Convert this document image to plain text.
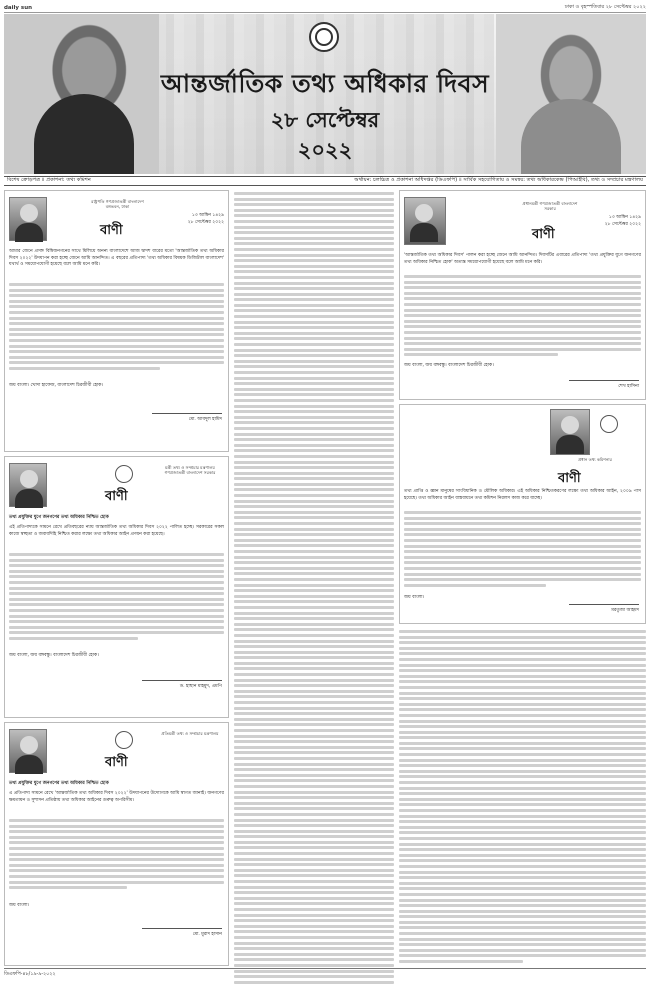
daily sun	ঢাকা ও বৃহস্পতিবার ২৮ সেপ্টেম্বর ২০২২
আন্তর্জাতিক তথ্য অধিকার দিবস
২৮ সেপ্টেম্বর
২০২২
বিশেষ ক্রোড়পত্র ॥ প্রকাশনা: তথ্য কমিশন	অর্থায়ন: চলচ্চিত্র ও প্রকাশনা অধিদপ্তর (ডিএফপি) ॥ সার্বিক সহযোগিতায় ও সমন্বয়: তথ্য অধিকারকেন্দ্র (পিআইবি), তথ্য ও সম্প্রচার মন্ত্রণালয়
রাষ্ট্রপতি গণপ্রজাতন্ত্রী বাংলাদেশ বঙ্গভবন, ঢাকা
বাণী
১৩ আশ্বিন ১৪২৯
২৮ সেপ্টেম্বর ২০২২
আমার জেনে প্রসঙ্গ বিশ্বিজনগনের সাথে মিলিয়ে অনন্য বাংলাদেশে আজ দ্বাদশ বারের মতো 'আন্তর্জাতিক তথ্য অধিকার দিবস ২০২২' উদযাপন করা হচ্ছে জেনে আমি আনন্দিত। এ বছরের প্রতিপাদ্য 'তথ্য অধিকার বিষয়ক ডিজিটাল বাংলাদেশ' যথার্থ ও সময়োপযোগী হয়েছে বলে আমি মনে করি।
জয় বাংলা। খোদা হাফেজ, বাংলাদেশ চিরজীবী হোক।
মো. আবদুল হামিদ
মন্ত্রী তথ্য ও সম্প্রচার মন্ত্রণালয় গণপ্রজাতন্ত্রী বাংলাদেশ সরকার
বাণী
তথ্য প্রযুক্তির যুগে জনগণের তথ্য অধিকার নিশ্চিত হোক
এই প্রতিপাদ্যকে সামনে রেখে প্রতিবছরের ন্যায় আন্তর্জাতিক তথ্য অধিকার দিবস ২০২২ পালিত হচ্ছে। সরকারের সকল কাজে স্বচ্ছতা ও জবাবদিহি নিশ্চিত করার লক্ষ্যে তথ্য অধিকার আইন প্রণয়ন করা হয়েছে।
জয় বাংলা, জয় বঙ্গবন্ধু। বাংলাদেশ চিরজীবী হোক।
ড. হাছান মাহমুদ, এমপি
প্রতিমন্ত্রী তথ্য ও সম্প্রচার মন্ত্রণালয়
বাণী
তথ্য প্রযুক্তির যুগে জনগণের তথ্য অধিকার নিশ্চিত হোক
এ প্রতিপাদ্য সামনে রেখে 'আন্তর্জাতিক তথ্য অধিকার দিবস ২০২২' উদযাপনের উদ্যোগকে আমি স্বাগত জানাই। জনগণের ক্ষমতায়ন ও সুশাসন প্রতিষ্ঠায় তথ্য অধিকার আইনের গুরুত্ব অপরিসীম।
জয় বাংলা।
মো. মুরাদ হাসান
প্রধানমন্ত্রী গণপ্রজাতন্ত্রী বাংলাদেশ সরকার
বাণী
১৩ আশ্বিন ১৪২৯
২৮ সেপ্টেম্বর ২০২২
'আন্তর্জাতিক তথ্য অধিকার দিবস' পালন করা হচ্ছে জেনে আমি আনন্দিত। দিবসটির এবারের প্রতিপাদ্য 'তথ্য প্রযুক্তির যুগে জনগণের তথ্য অধিকার নিশ্চিত হোক' অত্যন্ত সময়োপযোগী হয়েছে বলে আমি মনে করি।
জয় বাংলা, জয় বঙ্গবন্ধু। বাংলাদেশ চিরজীবী হোক।
শেখ হাসিনা
প্রধান তথ্য কমিশনার
বাণী
তথ্য প্রাপ্তি ও জ্ঞান মানুষের সাংবিধানিক ও মৌলিক অধিকার। এই অধিকার নিশ্চিতকরণের লক্ষ্যে তথ্য অধিকার আইন, ২০০৯ পাস হয়েছে। তথ্য অধিকার আইন বাস্তবায়নে তথ্য কমিশন নিরলস কাজ করে যাচ্ছে।
জয় বাংলা।
মরতুজা আহমদ
ডিএফপি-৪৮/১৯-৯-২০২২
